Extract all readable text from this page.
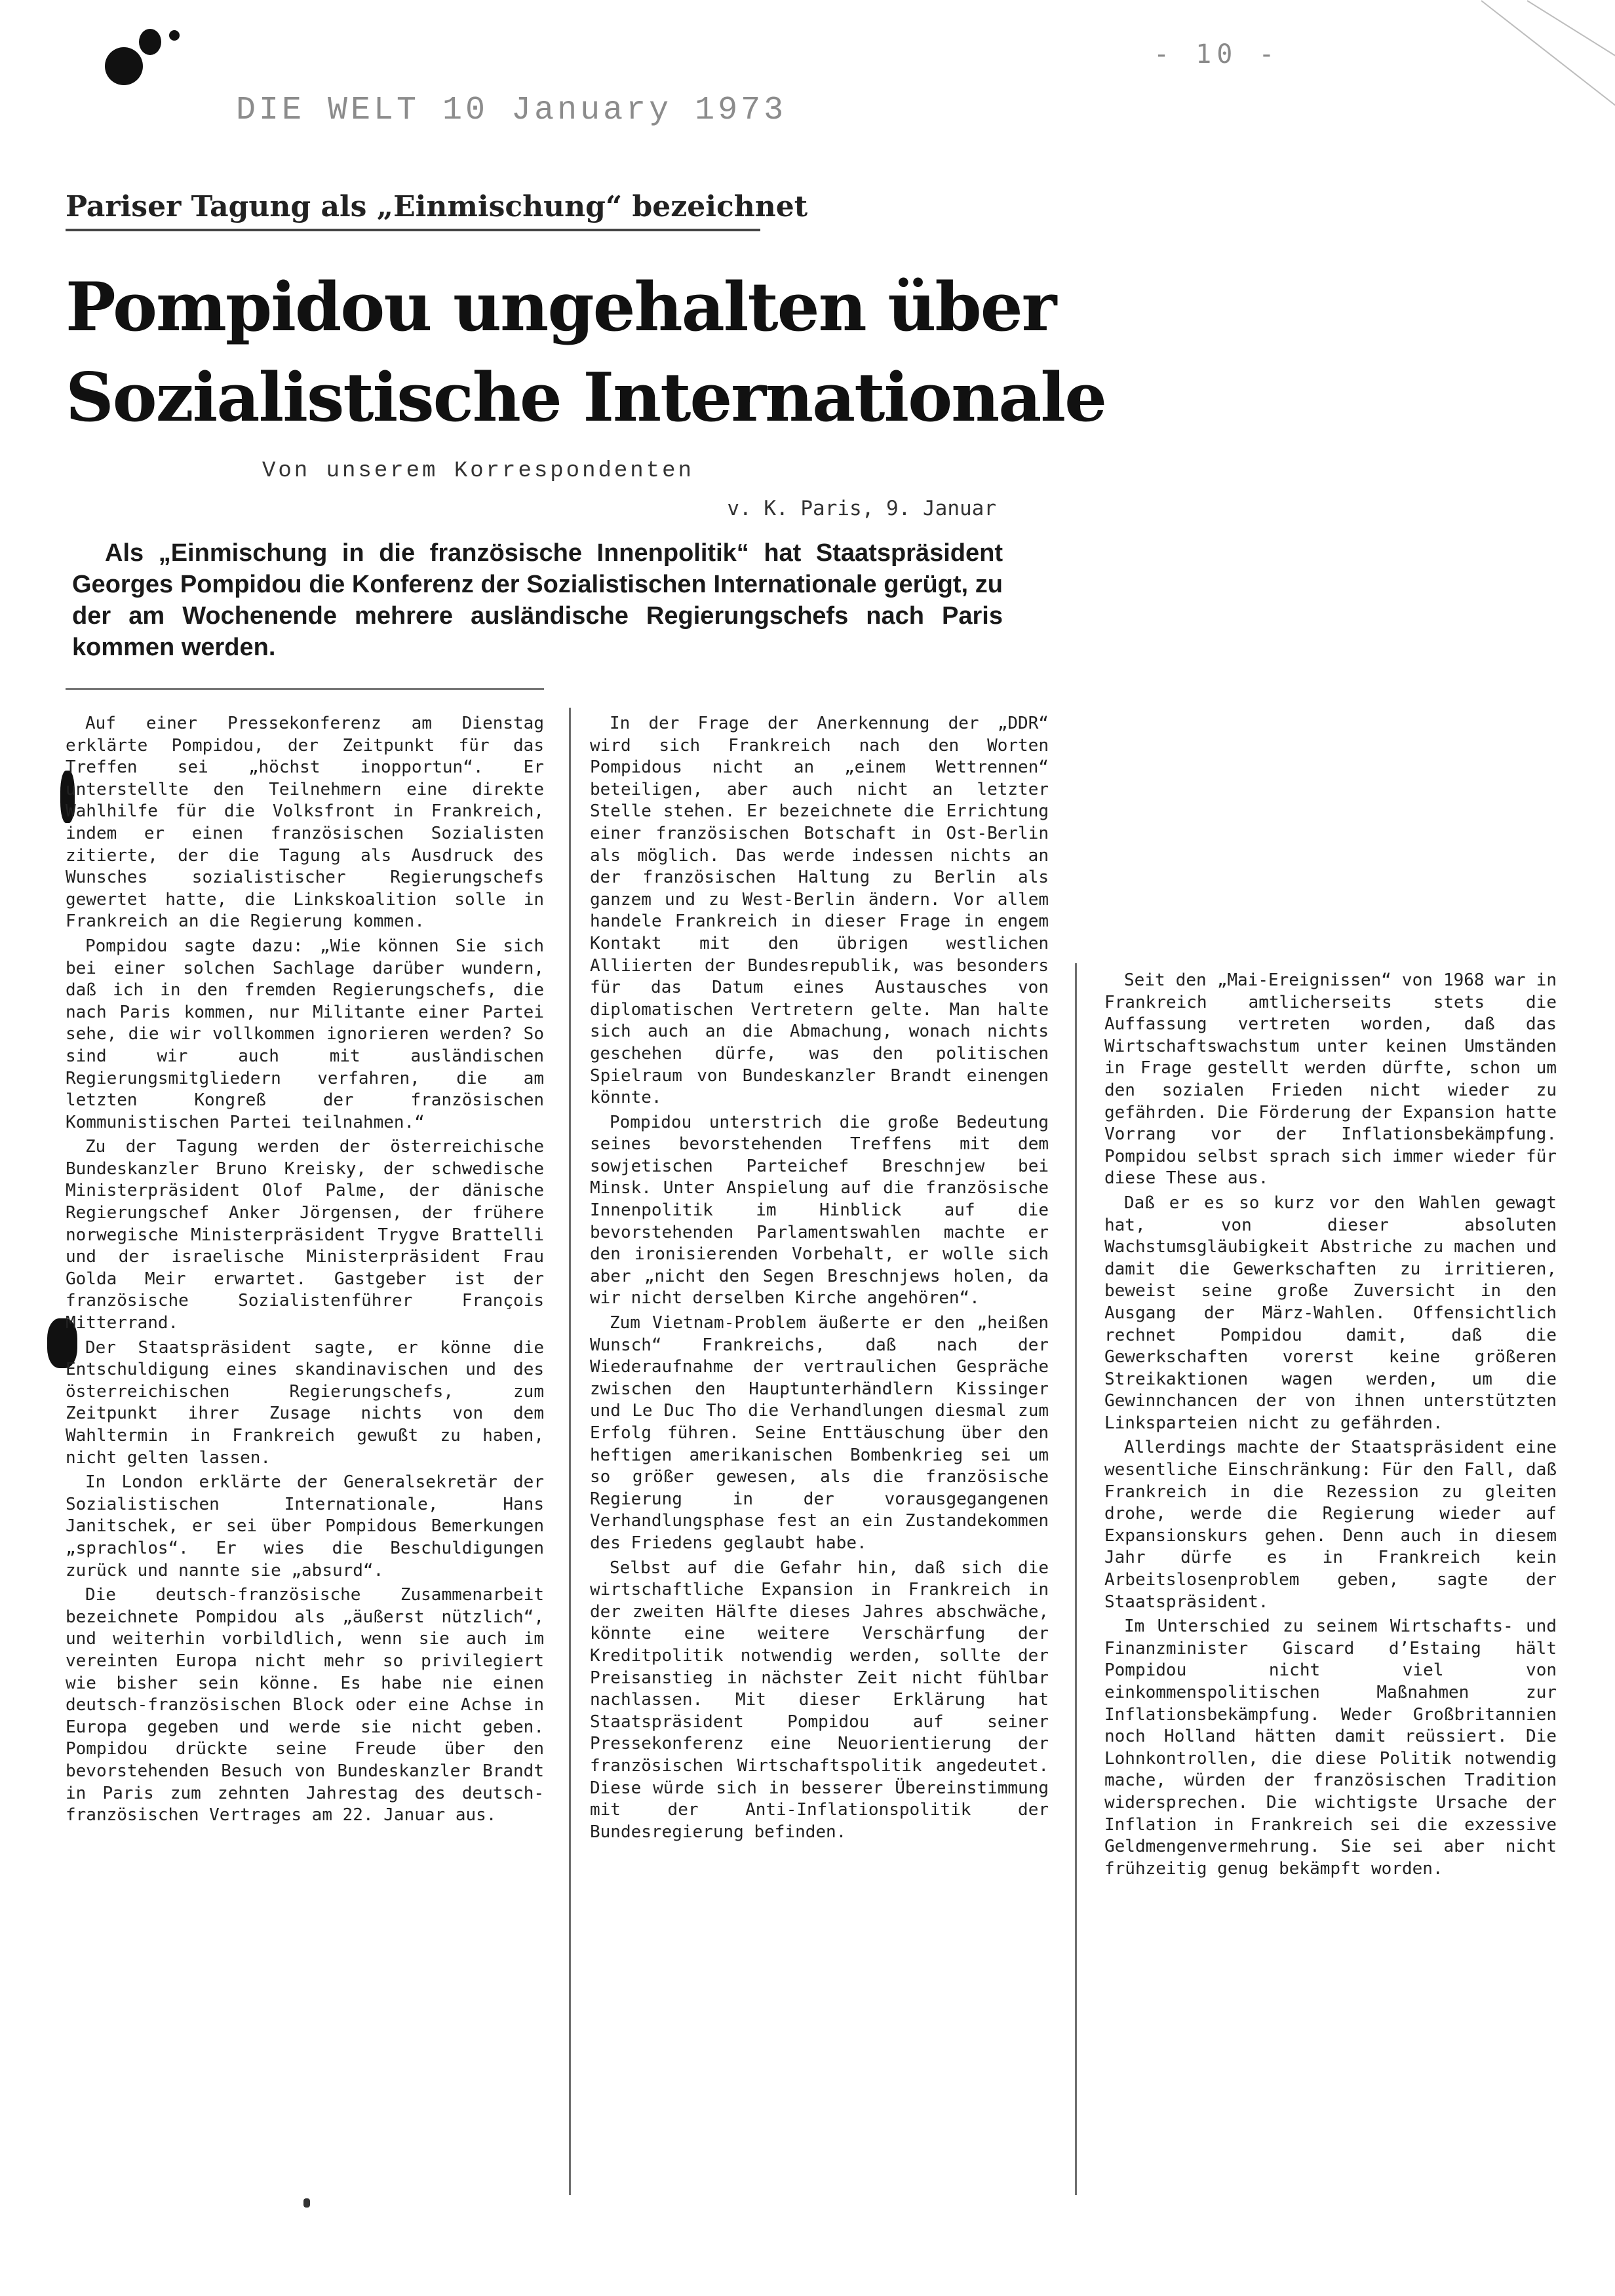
- 10 -
DIE WELT 10 January 1973
Pariser Tagung als „Einmischung“ bezeichnet
Pompidou ungehalten über
Sozialistische Internationale
Von unserem Korrespondenten
v. K. Paris, 9. Januar
Als „Einmischung in die französische Innenpolitik“ hat Staatspräsident Georges Pompidou die Konferenz der Sozialistischen Internationale gerügt, zu der am Wochenende mehrere ausländische Regierungschefs nach Paris kommen werden.

Auf einer Pressekonferenz am Dienstag erklärte Pompidou, der Zeitpunkt für das Treffen sei „höchst inopportun“. Er unterstellte den Teilnehmern eine direkte Wahlhilfe für die Volksfront in Frankreich, indem er einen französischen Sozialisten zitierte, der die Tagung als Ausdruck des Wunsches sozialistischer Regierungschefs gewertet hatte, die Linkskoalition solle in Frankreich an die Regierung kommen.

Pompidou sagte dazu: „Wie können Sie sich bei einer solchen Sachlage darüber wundern, daß ich in den fremden Regierungschefs, die nach Paris kommen, nur Militante einer Partei sehe, die wir vollkommen ignorieren werden? So sind wir auch mit ausländischen Regierungsmitgliedern verfahren, die am letzten Kongreß der französischen Kommunistischen Partei teilnahmen.“

Zu der Tagung werden der österreichische Bundeskanzler Bruno Kreisky, der schwedische Ministerpräsident Olof Palme, der dänische Regierungschef Anker Jörgensen, der frühere norwegische Ministerpräsident Trygve Brattelli und der israelische Ministerpräsident Frau Golda Meir erwartet. Gastgeber ist der französische Sozialistenführer François Mitterrand.

Der Staatspräsident sagte, er könne die Entschuldigung eines skandinavischen und des österreichischen Regierungschefs, zum Zeitpunkt ihrer Zusage nichts von dem Wahltermin in Frankreich gewußt zu haben, nicht gelten lassen.

In London erklärte der Generalsekretär der Sozialistischen Internationale, Hans Janitschek, er sei über Pompidous Bemerkungen „sprachlos“. Er wies die Beschuldigungen zurück und nannte sie „absurd“.

Die deutsch-französische Zusammenarbeit bezeichnete Pompidou als „äußerst nützlich“, und weiterhin vorbildlich, wenn sie auch im vereinten Europa nicht mehr so privilegiert wie bisher sein könne. Es habe nie einen deutsch-französischen Block oder eine Achse in Europa gegeben und werde sie nicht geben. Pompidou drückte seine Freude über den bevorstehenden Besuch von Bundeskanzler Brandt in Paris zum zehnten Jahrestag des deutsch-französischen Vertrages am 22. Januar aus.

In der Frage der Anerkennung der „DDR“ wird sich Frankreich nach den Worten Pompidous nicht an „einem Wettrennen“ beteiligen, aber auch nicht an letzter Stelle stehen. Er bezeichnete die Errichtung einer französischen Botschaft in Ost-Berlin als möglich. Das werde indessen nichts an der französischen Haltung zu Berlin als ganzem und zu West-Berlin ändern. Vor allem handele Frankreich in dieser Frage in engem Kontakt mit den übrigen westlichen Alliierten der Bundesrepublik, was besonders für das Datum eines Austausches von diplomatischen Vertretern gelte. Man halte sich auch an die Abmachung, wonach nichts geschehen dürfe, was den politischen Spielraum von Bundeskanzler Brandt einengen könnte.

Pompidou unterstrich die große Bedeutung seines bevorstehenden Treffens mit dem sowjetischen Parteichef Breschnjew bei Minsk. Unter Anspielung auf die französische Innenpolitik im Hinblick auf die bevorstehenden Parlamentswahlen machte er den ironisierenden Vorbehalt, er wolle sich aber „nicht den Segen Breschnjews holen, da wir nicht derselben Kirche angehören“.

Zum Vietnam-Problem äußerte er den „heißen Wunsch“ Frankreichs, daß nach der Wiederaufnahme der vertraulichen Gespräche zwischen den Hauptunterhändlern Kissinger und Le Duc Tho die Verhandlungen diesmal zum Erfolg führen. Seine Enttäuschung über den heftigen amerikanischen Bombenkrieg sei um so größer gewesen, als die französische Regierung in der vorausgegangenen Verhandlungsphase fest an ein Zustandekommen des Friedens geglaubt habe.

Selbst auf die Gefahr hin, daß sich die wirtschaftliche Expansion in Frankreich in der zweiten Hälfte dieses Jahres abschwäche, könnte eine weitere Verschärfung der Kreditpolitik notwendig werden, sollte der Preisanstieg in nächster Zeit nicht fühlbar nachlassen. Mit dieser Erklärung hat Staatspräsident Pompidou auf seiner Pressekonferenz eine Neuorientierung der französischen Wirtschaftspolitik angedeutet. Diese würde sich in besserer Übereinstimmung mit der Anti-Inflationspolitik der Bundesregierung befinden.

Seit den „Mai-Ereignissen“ von 1968 war in Frankreich amtlicherseits stets die Auffassung vertreten worden, daß das Wirtschaftswachstum unter keinen Umständen in Frage gestellt werden dürfte, schon um den sozialen Frieden nicht wieder zu gefährden. Die Förderung der Expansion hatte Vorrang vor der Inflationsbekämpfung. Pompidou selbst sprach sich immer wieder für diese These aus.

Daß er es so kurz vor den Wahlen gewagt hat, von dieser absoluten Wachstumsgläubigkeit Abstriche zu machen und damit die Gewerkschaften zu irritieren, beweist seine große Zuversicht in den Ausgang der März-Wahlen. Offensichtlich rechnet Pompidou damit, daß die Gewerkschaften vorerst keine größeren Streikaktionen wagen werden, um die Gewinnchancen der von ihnen unterstützten Linksparteien nicht zu gefährden.

Allerdings machte der Staatspräsident eine wesentliche Einschränkung: Für den Fall, daß Frankreich in die Rezession zu gleiten drohe, werde die Regierung wieder auf Expansionskurs gehen. Denn auch in diesem Jahr dürfe es in Frankreich kein Arbeitslosenproblem geben, sagte der Staatspräsident.

Im Unterschied zu seinem Wirtschafts- und Finanzminister Giscard d’Estaing hält Pompidou nicht viel von einkommenspolitischen Maßnahmen zur Inflationsbekämpfung. Weder Großbritannien noch Holland hätten damit reüssiert. Die Lohnkontrollen, die diese Politik notwendig mache, würden der französischen Tradition widersprechen. Die wichtigste Ursache der Inflation in Frankreich sei die exzessive Geldmengenvermehrung. Sie sei aber nicht frühzeitig genug bekämpft worden.
